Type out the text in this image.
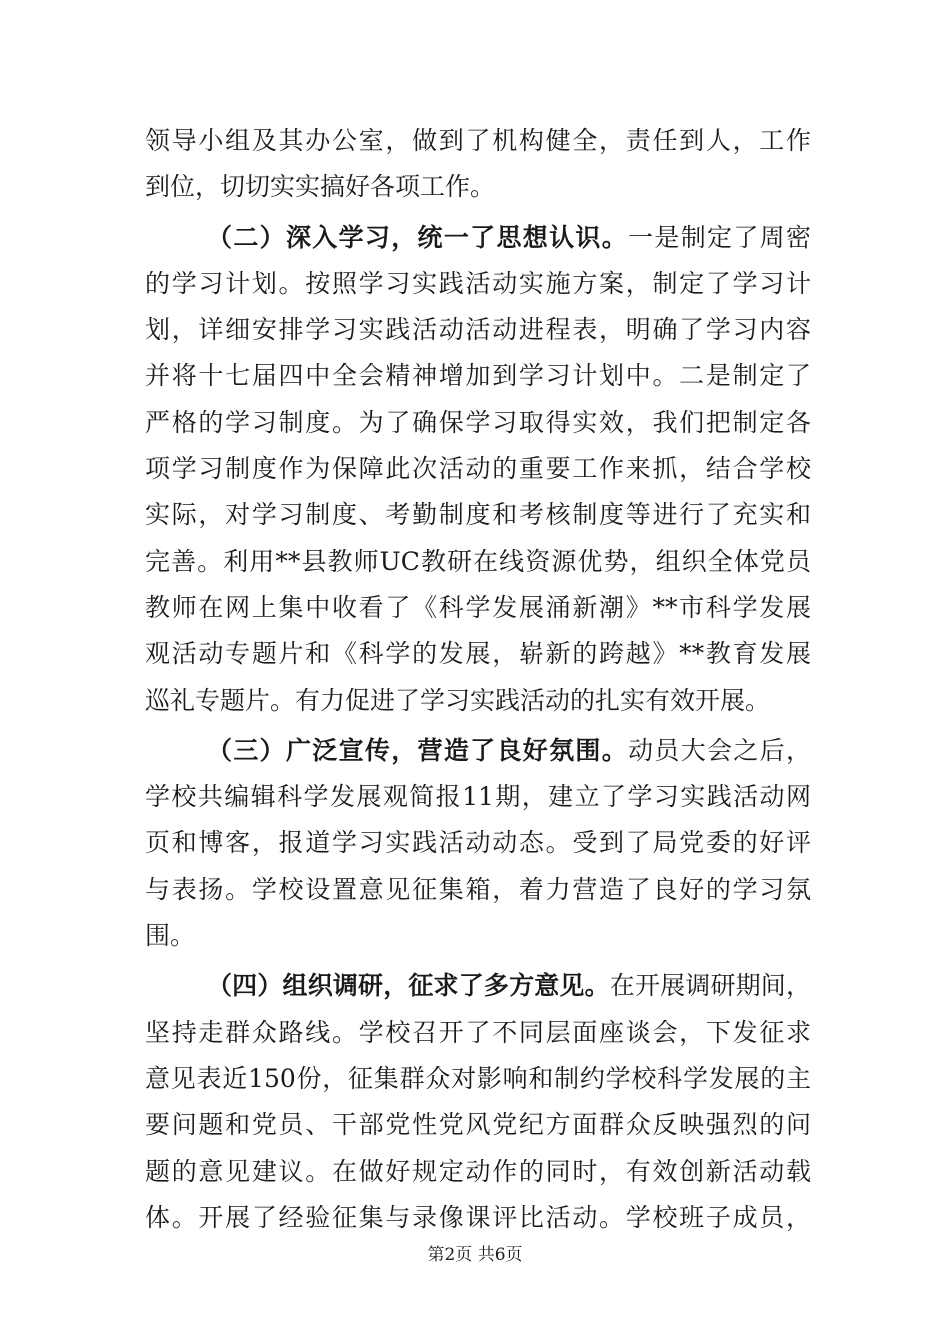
领导小组及其办公室，做到了机构健全，责任到人，工作
到位，切切实实搞好各项工作。
（二）深入学习，统一了思想认识。一是制定了周密
的学习计划。按照学习实践活动实施方案，制定了学习计
划，详细安排学习实践活动活动进程表，明确了学习内容
并将十七届四中全会精神增加到学习计划中。二是制定了
严格的学习制度。为了确保学习取得实效，我们把制定各
项学习制度作为保障此次活动的重要工作来抓，结合学校
实际，对学习制度、考勤制度和考核制度等进行了充实和
完善。利用**县教师UC教研在线资源优势，组织全体党员
教师在网上集中收看了《科学发展涌新潮》**市科学发展
观活动专题片和《科学的发展，崭新的跨越》**教育发展
巡礼专题片。有力促进了学习实践活动的扎实有效开展。
（三）广泛宣传，营造了良好氛围。动员大会之后，
学校共编辑科学发展观简报11期，建立了学习实践活动网
页和博客，报道学习实践活动动态。受到了局党委的好评
与表扬。学校设置意见征集箱，着力营造了良好的学习氛
围。
（四）组织调研，征求了多方意见。在开展调研期间，
坚持走群众路线。学校召开了不同层面座谈会，下发征求
意见表近150份，征集群众对影响和制约学校科学发展的主
要问题和党员、干部党性党风党纪方面群众反映强烈的问
题的意见建议。在做好规定动作的同时，有效创新活动载
体。开展了经验征集与录像课评比活动。学校班子成员，
第2页 共6页
